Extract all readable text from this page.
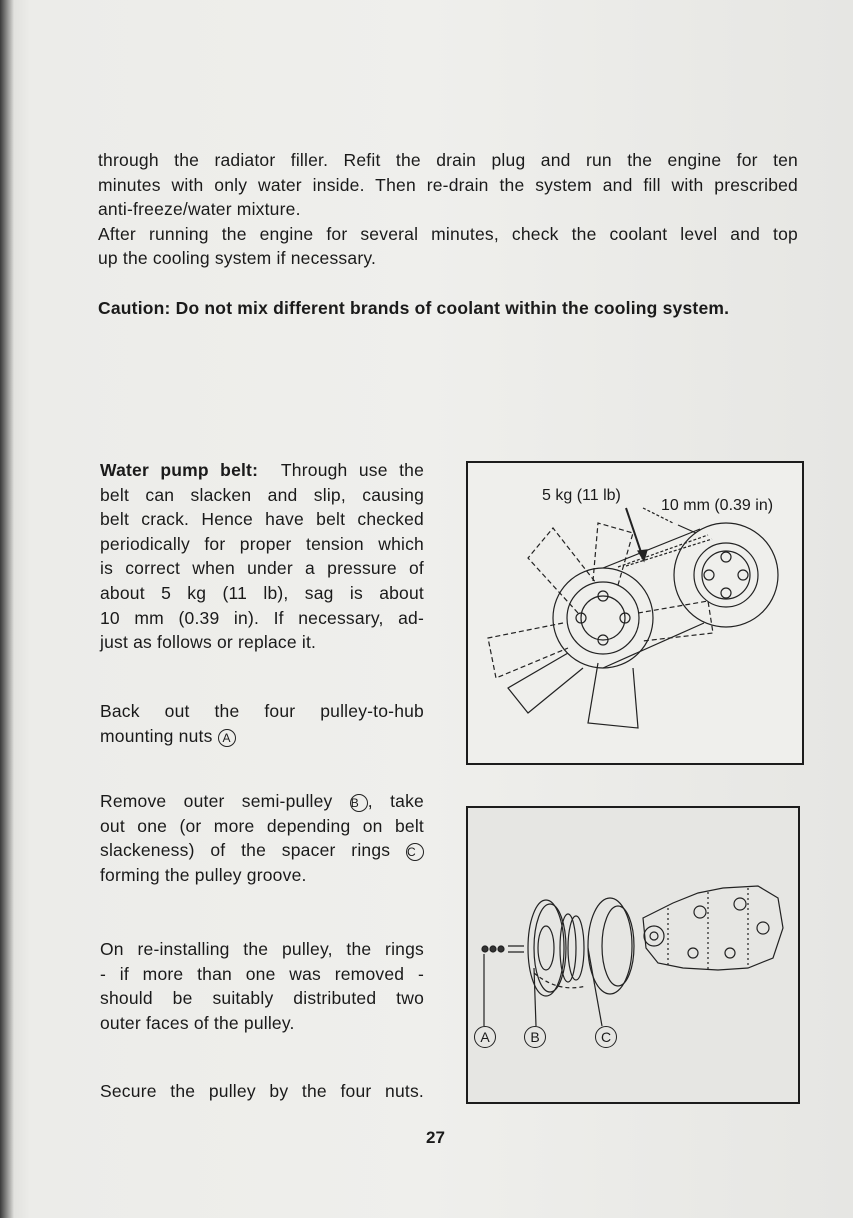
through the radiator filler. Refit the drain plug and run the engine for ten
minutes with only water inside. Then re-drain the system and fill with prescribed
anti-freeze/water mixture.
After running the engine for several minutes, check the coolant level and top
up the cooling system if necessary.
Caution: Do not mix different brands of coolant within the cooling system.
Water pump belt: Through use the
belt can slacken and slip, causing
belt crack. Hence have belt checked
periodically for proper tension which
is correct when under a pressure of
about 5 kg (11 lb), sag is about
10 mm (0.39 in). If necessary, ad-
just as follows or replace it.
Back out the four pulley-to-hub
mounting nuts A
Remove outer semi-pulley B , take
out one (or more depending on belt
slackeness) of the spacer rings C
forming the pulley groove.
On re-installing the pulley, the rings
- if more than one was removed -
should be suitably distributed two
outer faces of the pulley.
Secure the pulley by the four nuts.
5 kg (11 lb)
10 mm (0.39 in)
A	B	C
27
